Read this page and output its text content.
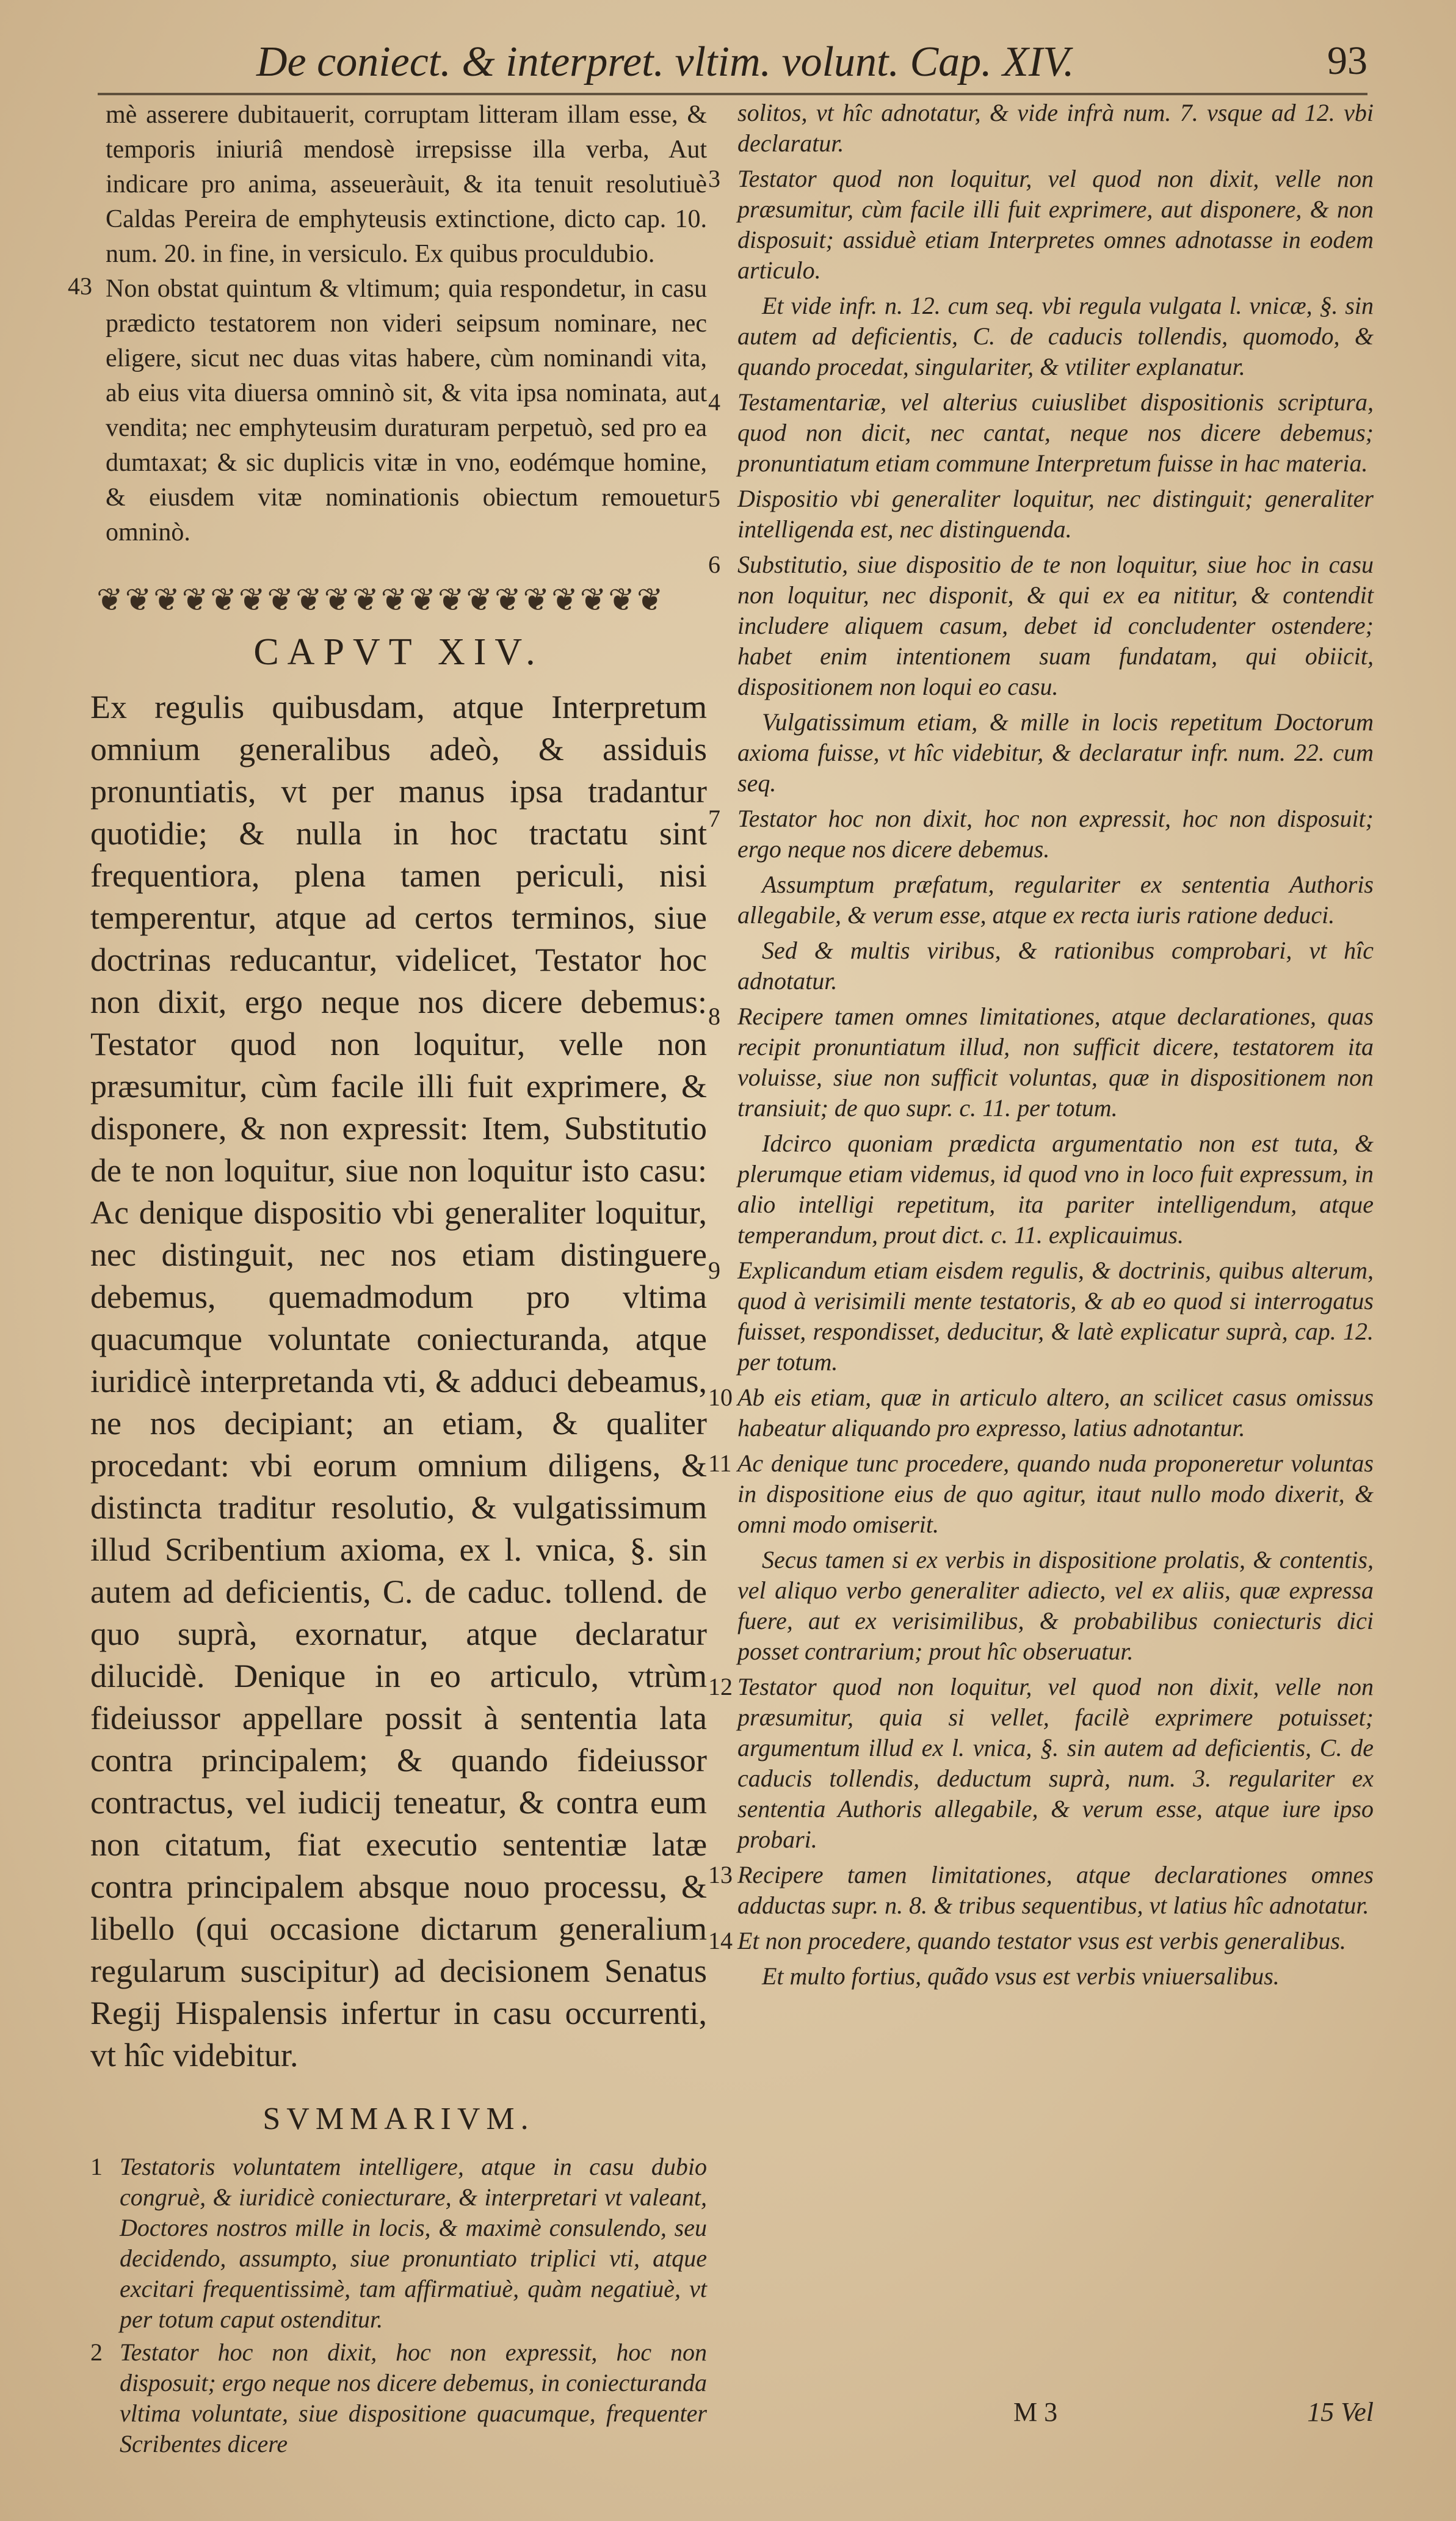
De coniect. & interpret. vltim. volunt. Cap. XIV.	93

mè asserere dubitauerit, corruptam litteram illam esse, & temporis iniuriâ mendosè irrepsisse illa verba, Aut indicare pro anima, asseueràuit, & ita tenuit resolutiuè Caldas Pereira de emphyteusis extinctione, dicto cap. 10. num. 20. in fine, in versiculo. Ex quibus proculdubio.

43 Non obstat quintum & vltimum; quia respondetur, in casu prædicto testatorem non videri seipsum nominare, nec eligere, sicut nec duas vitas habere, cùm nominandi vita, ab eius vita diuersa omninò sit, & vita ipsa nominata, aut vendita; nec emphyteusim duraturam perpetuò, sed pro ea dumtaxat; & sic duplicis vitæ in vno, eodémque homine, & eiusdem vitæ nominationis obiectum remouetur omninò.

❦❦❦❦❦❦❦❦❦❦❦❦❦❦❦❦❦❦❦❦
CAPVT XIV.

Ex regulis quibusdam, atque Interpretum omnium generalibus adeò, & assiduis pronuntiatis, vt per manus ipsa tradantur quotidie; & nulla in hoc tractatu sint frequentiora, plena tamen periculi, nisi temperentur, atque ad certos terminos, siue doctrinas reducantur, videlicet, Testator hoc non dixit, ergo neque nos dicere debemus: Testator quod non loquitur, velle non præsumitur, cùm facile illi fuit exprimere, & disponere, & non expressit: Item, Substitutio de te non loquitur, siue non loquitur isto casu: Ac denique dispositio vbi generaliter loquitur, nec distinguit, nec nos etiam distinguere debemus, quemadmodum pro vltima quacumque voluntate coniecturanda, atque iuridicè interpretanda vti, & adduci debeamus, ne nos decipiant; an etiam, & qualiter procedant: vbi eorum omnium diligens, & distincta traditur resolutio, & vulgatissimum illud Scribentium axioma, ex l. vnica, §. sin autem ad deficientis, C. de caduc. tollend. de quo suprà, exornatur, atque declaratur dilucidè. Denique in eo articulo, vtrùm fideiussor appellare possit à sententia lata contra principalem; & quando fideiussor contractus, vel iudicij teneatur, & contra eum non citatum, fiat executio sententiæ latæ contra principalem absque nouo processu, & libello (qui occasione dictarum generalium regularum suscipitur) ad decisionem Senatus Regij Hispalensis infertur in casu occurrenti, vt hîc videbitur.

SVMMARIVM.

1 Testatoris voluntatem intelligere, atque in casu dubio congruè, & iuridicè coniecturare, & interpretari vt valeant, Doctores nostros mille in locis, & maximè consulendo, seu decidendo, assumpto, siue pronuntiato triplici vti, atque excitari frequentissimè, tam affirmatiuè, quàm negatiuè, vt per totum caput ostenditur.

2 Testator hoc non dixit, hoc non expressit, hoc non disposuit; ergo neque nos dicere debemus, in coniecturanda vltima voluntate, siue dispositione quacumque, frequenter Scribentes dicere

solitos, vt hîc adnotatur, & vide infrà num. 7. vsque ad 12. vbi declaratur.

3 Testator quod non loquitur, vel quod non dixit, velle non præsumitur, cùm facile illi fuit exprimere, aut disponere, & non disposuit; assiduè etiam Interpretes omnes adnotasse in eodem articulo.

Et vide infr. n. 12. cum seq. vbi regula vulgata l. vnicæ, §. sin autem ad deficientis, C. de caducis tollendis, quomodo, & quando procedat, singulariter, & vtiliter explanatur.

4 Testamentariæ, vel alterius cuiuslibet dispositionis scriptura, quod non dicit, nec cantat, neque nos dicere debemus; pronuntiatum etiam commune Interpretum fuisse in hac materia.

5 Dispositio vbi generaliter loquitur, nec distinguit; generaliter intelligenda est, nec distinguenda.

6 Substitutio, siue dispositio de te non loquitur, siue hoc in casu non loquitur, nec disponit, & qui ex ea nititur, & contendit includere aliquem casum, debet id concludenter ostendere; habet enim intentionem suam fundatam, qui obiicit, dispositionem non loqui eo casu.

Vulgatissimum etiam, & mille in locis repetitum Doctorum axioma fuisse, vt hîc videbitur, & declaratur infr. num. 22. cum seq.

7 Testator hoc non dixit, hoc non expressit, hoc non disposuit; ergo neque nos dicere debemus.

Assumptum præfatum, regulariter ex sententia Authoris allegabile, & verum esse, atque ex recta iuris ratione deduci.

Sed & multis viribus, & rationibus comprobari, vt hîc adnotatur.

8 Recipere tamen omnes limitationes, atque declarationes, quas recipit pronuntiatum illud, non sufficit dicere, testatorem ita voluisse, siue non sufficit voluntas, quæ in dispositionem non transiuit; de quo supr. c. 11. per totum.

Idcirco quoniam prædicta argumentatio non est tuta, & plerumque etiam videmus, id quod vno in loco fuit expressum, in alio intelligi repetitum, ita pariter intelligendum, atque temperandum, prout dict. c. 11. explicauimus.

9 Explicandum etiam eisdem regulis, & doctrinis, quibus alterum, quod à verisimili mente testatoris, & ab eo quod si interrogatus fuisset, respondisset, deducitur, & latè explicatur suprà, cap. 12. per totum.

10 Ab eis etiam, quæ in articulo altero, an scilicet casus omissus habeatur aliquando pro expresso, latius adnotantur.

11 Ac denique tunc procedere, quando nuda proponeretur voluntas in dispositione eius de quo agitur, itaut nullo modo dixerit, & omni modo omiserit.

Secus tamen si ex verbis in dispositione prolatis, & contentis, vel aliquo verbo generaliter adiecto, vel ex aliis, quæ expressa fuere, aut ex verisimilibus, & probabilibus coniecturis dici posset contrarium; prout hîc obseruatur.

12 Testator quod non loquitur, vel quod non dixit, velle non præsumitur, quia si vellet, facilè exprimere potuisset; argumentum illud ex l. vnica, §. sin autem ad deficientis, C. de caducis tollendis, deductum suprà, num. 3. regulariter ex sententia Authoris allegabile, & verum esse, atque iure ipso probari.

13 Recipere tamen limitationes, atque declarationes omnes adductas supr. n. 8. & tribus sequentibus, vt latius hîc adnotatur.

14 Et non procedere, quando testator vsus est verbis generalibus.

Et multo fortius, quãdo vsus est verbis vniuersalibus.

M 3	15 Vel
